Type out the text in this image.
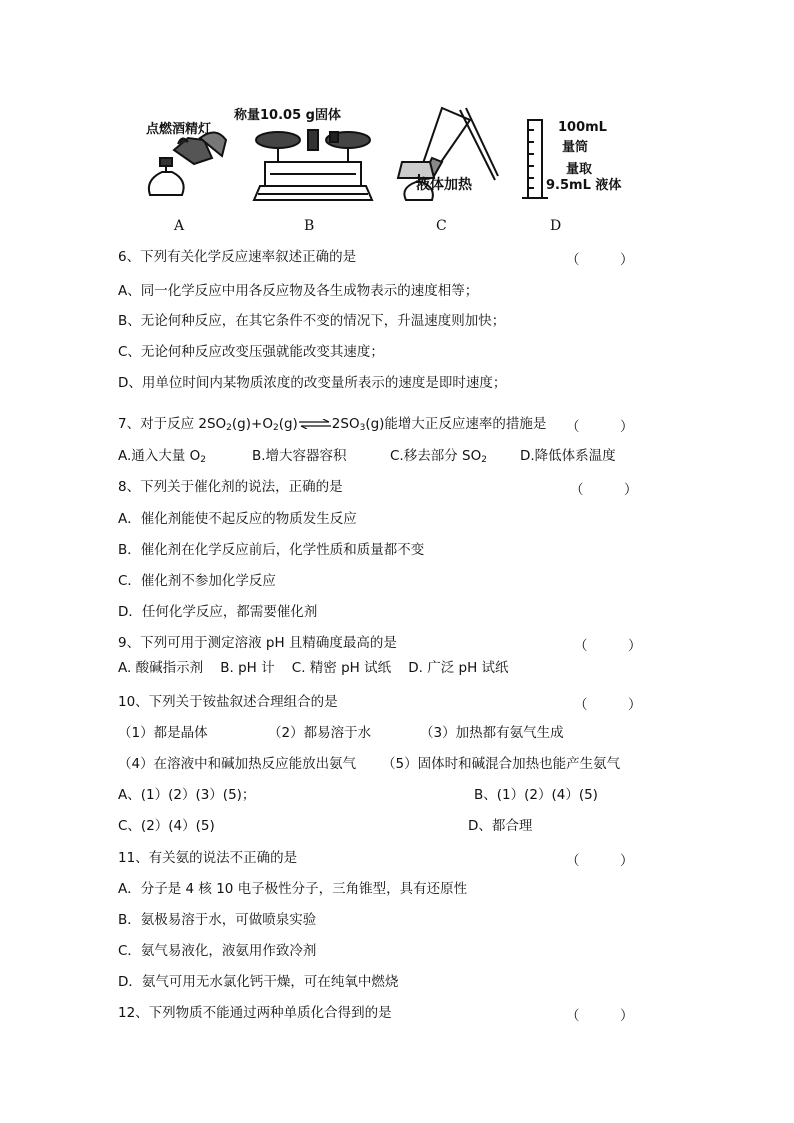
点燃酒精灯
称量10.05 g固体
液体加热
100mL
量筒
量取
9.5mL 液体
A	B	C	D
6、下列有关化学反应速率叙述正确的是	（　　　）
A、同一化学反应中用各反应物及各生成物表示的速度相等；
B、无论何种反应，在其它条件不变的情况下，升温速度则加快；
C、无论何种反应改变压强就能改变其速度；
D、用单位时间内某物质浓度的改变量所表示的速度是即时速度；
7、对于反应 $2SO_2(g)+O_2(g)\rightleftharpoons 2SO_3(g)$能增大正反应速率的措施是 （　　　）
A.通入大量 $O_2$	B.增大容器容积	C.移去部分 $SO_2$ D.降低体系温度
8、下列关于催化剂的说法，正确的是	（　　　）
A．催化剂能使不起反应的物质发生反应
B．催化剂在化学反应前后，化学性质和质量都不变
C．催化剂不参加化学反应
D．任何化学反应，都需要催化剂
9、下列可用于测定溶液 pH 且精确度最高的是	（　　　）
A. 酸碱指示剂    B. pH 计    C. 精密 pH 试纸    D. 广泛 pH 试纸
10、下列关于铵盐叙述合理组合的是	（　　　）
（1）都是晶体	（2）都易溶于水	（3）加热都有氨气生成
（4）在溶液中和碱加热反应能放出氨气 （5）固体时和碱混合加热也能产生氨气
A、(1）(2）(3）(5)；	B、(1）(2）(4）(5)
C、(2）(4）(5)	D、都合理
11、有关氨的说法不正确的是	（　　　）
A．分子是 4 核 10 电子极性分子，三角锥型，具有还原性
B．氨极易溶于水，可做喷泉实验
C．氨气易液化，液氨用作致冷剂
D．氨气可用无水氯化钙干燥，可在纯氧中燃烧
12、下列物质不能通过两种单质化合得到的是	（　　　）
